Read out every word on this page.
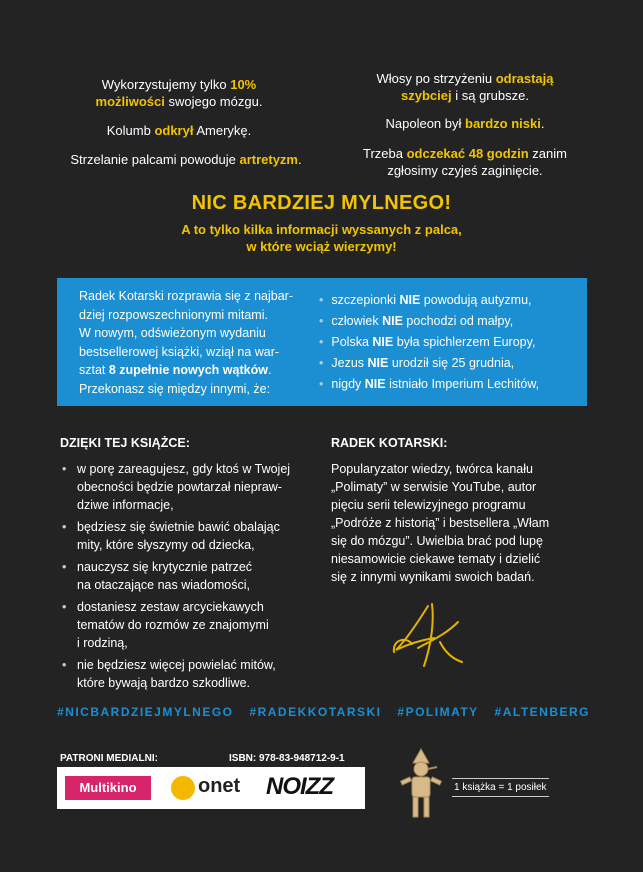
Wykorzystujemy tylko 10%
możliwości swojego mózgu.
Kolumb odkrył Amerykę.
Strzelanie palcami powoduje artretyzm.
Włosy po strzyżeniu odrastają
szybciej i są grubsze.
Napoleon był bardzo niski.
Trzeba odczekać 48 godzin zanim
zgłosimy czyjeś zaginięcie.
NIC BARDZIEJ MYLNEGO!
A to tylko kilka informacji wyssanych z palca,
w które wciąż wierzymy!
Radek Kotarski rozprawia się z najbar-
dziej rozpowszechnionymi mitami.
W nowym, odświeżonym wydaniu
bestsellerowej książki, wziął na war-
sztat 8 zupełnie nowych wątków.
Przekonasz się między innymi, że:
• szczepionki NIE powodują autyzmu,
• człowiek NIE pochodzi od małpy,
• Polska NIE była spichlerzem Europy,
• Jezus NIE urodził się 25 grudnia,
• nigdy NIE istniało Imperium Lechitów,
DZIĘKI TEJ KSIĄŻCE:
• w porę zareagujesz, gdy ktoś w Twojej
obecności będzie powtarzał niepraw-
dziwe informacje,
• będziesz się świetnie bawić obalając
mity, które słyszymy od dziecka,
• nauczysz się krytycznie patrzeć
na otaczające nas wiadomości,
• dostaniesz zestaw arcyciekawych
tematów do rozmów ze znajomymi
i rodziną,
• nie będziesz więcej powielać mitów,
które bywają bardzo szkodliwe.
RADEK KOTARSKI:
Popularyzator wiedzy, twórca kanału
„Polimaty” w serwisie YouTube, autor
pięciu serii telewizyjnego programu
„Podróże z historią” i bestsellera „Włam
się do mózgu”. Uwielbia brać pod lupę
niesamowicie ciekawe tematy i dzielić
się z innymi wynikami swoich badań.
#NICBARDZIEJMYLNEGO #RADEKKOTARSKI #POLIMATY #ALTENBERG
PATRONI MEDIALNI:	ISBN: 978-83-948712-9-1
Multikino	onet NOIZZ	1 książka = 1 posiłek
